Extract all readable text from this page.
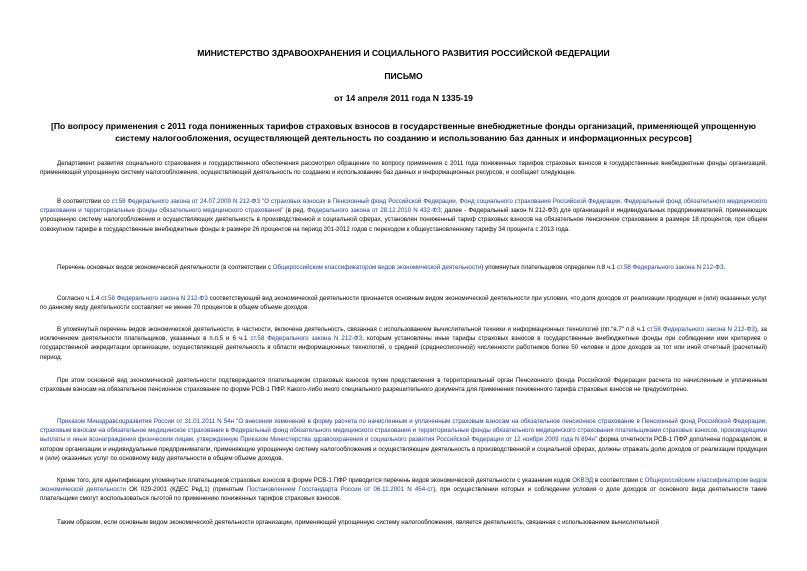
МИНИСТЕРСТВО ЗДРАВООХРАНЕНИЯ И СОЦИАЛЬНОГО РАЗВИТИЯ РОССИЙСКОЙ ФЕДЕРАЦИИ
ПИСЬМО
от 14 апреля 2011 года N 1335-19
[По вопросу применения с 2011 года пониженных тарифов страховых взносов в государственные внебюджетные фонды организаций, применяющей упрощенную систему налогообложения, осуществляющей деятельность по созданию и использованию баз данных и информационных ресурсов]

Департамент развития социального страхования и государственного обеспечения рассмотрел обращение по вопросу применения с 2011 года пониженных тарифов страховых взносов в государственные внебюджетные фонды организаций, применяющей упрощенную систему налогообложения, осуществляющей деятельность по созданию и использованию баз данных и информационных ресурсов, и сообщает следующее.

В соответствии со ст.58 Федерального закона от 24.07.2009 N 212-ФЗ "О страховых взносах в Пенсионный фонд Российской Федерации, Фонд социального страхования Российской Федерации, Федеральный фонд обязательного медицинского страхования и территориальные фонды обязательного медицинского страхования" (в ред. Федерального закона от 28.12.2010 N 432-ФЗ; далее - Федеральный закон N 212-ФЗ) для организаций и индивидуальных предпринимателей, применяющих упрощенную систему налогообложения и осуществляющих деятельность в производственной и социальной сферах, установлен пониженный тариф страховых взносов на обязательное пенсионное страхование в размере 18 процентов, при общем совокупном тарифе в государственные внебюджетные фонды в размере 26 процентов на период 201-2012 годов с переходом к общеустановленному тарифу 34 процента с 2013 года.

Перечень основных видов экономической деятельности (в соответствии с Общероссийским классификатором видов экономической деятельности) упомянутых плательщиков определен п.8 ч.1 ст.58 Федерального закона N 212-ФЗ.

Согласно ч.1.4 ст.58 Федерального закона N 212-ФЗ соответствующий вид экономической деятельности признается основным видом экономической деятельности при условии, что доля доходов от реализации продукции и (или) оказанных услуг по данному виду деятельности составляет не менее 70 процентов в общем объеме доходов.

В упомянутый перечень видов экономической деятельности, в частности, включена деятельность, связанная с использованием вычислительной техники и информационных технологий (пп."я.7" п.8 ч.1 ст.58 Федерального закона N 212-ФЗ), за исключением деятельности плательщиков, указанных в п.п.5 и 6 ч.1 ст.58 Федерального закона N 212-ФЗ, которым установлены иные тарифы страховых взносов в государственные внебюджетные фонды при соблюдении ими критериев о государственной аккредитации организации, осуществляющей деятельность в области информационных технологий, о средней (среднесписочной) численности работников более 50 человек и доле доходов за тот или иной отчетный (расчетный) период.

При этом основной вид экономической деятельности подтверждается плательщиком страховых взносов путем представления в территориальный орган Пенсионного фонда Российской Федерации расчета по начисленным и уплаченным страховым взносам на обязательное пенсионное страхование по форме РСВ-1 ПФР. Какого-либо иного специального разрешительного документа для применения пониженного тарифа страховых взносов не предусмотрено.

Приказом Минздравсоцразвития России от 31.01.2011 N 54н "О внесении изменений в форму расчета по начисленным и уплаченным страховым взносам на обязательное пенсионное страхование в Пенсионный фонд Российской Федерации, страховым взносам на обязательное медицинское страхование в Федеральный фонд обязательного медицинского страхования и территориальные фонды обязательного медицинского страхования плательщиками страховых взносов, производящими выплаты и иные вознаграждения физическим лицам, утвержденную Приказом Министерства здравоохранения и социального развития Российской Федерации от 12 ноября 2009 года N 894н" форма отчетности РСВ-1 ПФР дополнена подразделом, в котором организации и индивидуальные предприниматели, применяющие упрощенную систему налогообложения и осуществляющие деятельность в производственной и социальной сферах, должны отражать долю доходов от реализации продукции и (или) оказанных услуг по основному виду деятельности в общем объеме доходов.

Кроме того, для идентификации упомянутых плательщиков страховых взносов в форме РСВ-1 ПФР приводится перечень видов экономической деятельности с указанием кодов ОКВЭД в соответствии с Общероссийским классификатором видов экономической деятельности ОК 029-2001 (КДЕС Ред.1) (принятым Постановлением Госстандарта России от 06.11.2001 N 454-ст), при осуществлении которых и соблюдении условия о доле доходов от основного вида деятельности такие плательщики смогут воспользоваться льготой по применению пониженных тарифов страховых взносов.

Таким образом, если основным видом экономической деятельности организации, применяющей упрощенную систему налогообложения, является деятельность, связанная с использованием вычислительной
